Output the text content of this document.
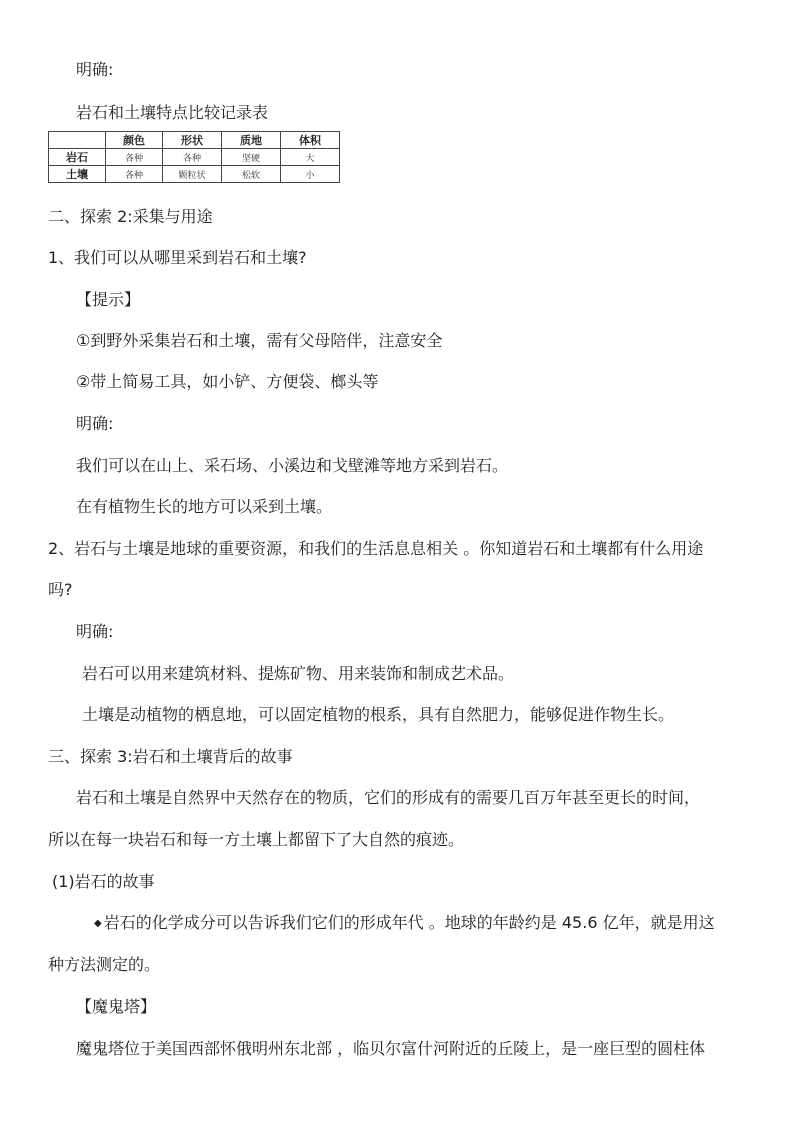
明确:
岩石和土壤特点比较记录表
	颜色	形状	质地	体积
岩石	各种	各种	坚硬	大
土壤	各种	颗粒状	松软	小
二、探索 2:采集与用途
1、我们可以从哪里采到岩石和土壤?
【提示】
①到野外采集岩石和土壤，需有父母陪伴，注意安全
②带上简易工具，如小铲、方便袋、榔头等
明确:
我们可以在山上、采石场、小溪边和戈壁滩等地方采到岩石。
在有植物生长的地方可以采到土壤。
2、岩石与土壤是地球的重要资源，和我们的生活息息相关 。你知道岩石和土壤都有什么用途
吗?
明确:
岩石可以用来建筑材料、提炼矿物、用来装饰和制成艺术品。
土壤是动植物的栖息地，可以固定植物的根系，具有自然肥力，能够促进作物生长。
三、探索 3:岩石和土壤背后的故事
岩石和土壤是自然界中天然存在的物质，它们的形成有的需要几百万年甚至更长的时间，
所以在每一块岩石和每一方土壤上都留下了大自然的痕迹。
(1)岩石的故事
◆ 岩石的化学成分可以告诉我们它们的形成年代 。地球的年龄约是 45.6 亿年，就是用这
种方法测定的。
【魔鬼塔】
魔鬼塔位于美国西部怀俄明州东北部 ，临贝尔富什河附近的丘陵上，是一座巨型的圆柱体
